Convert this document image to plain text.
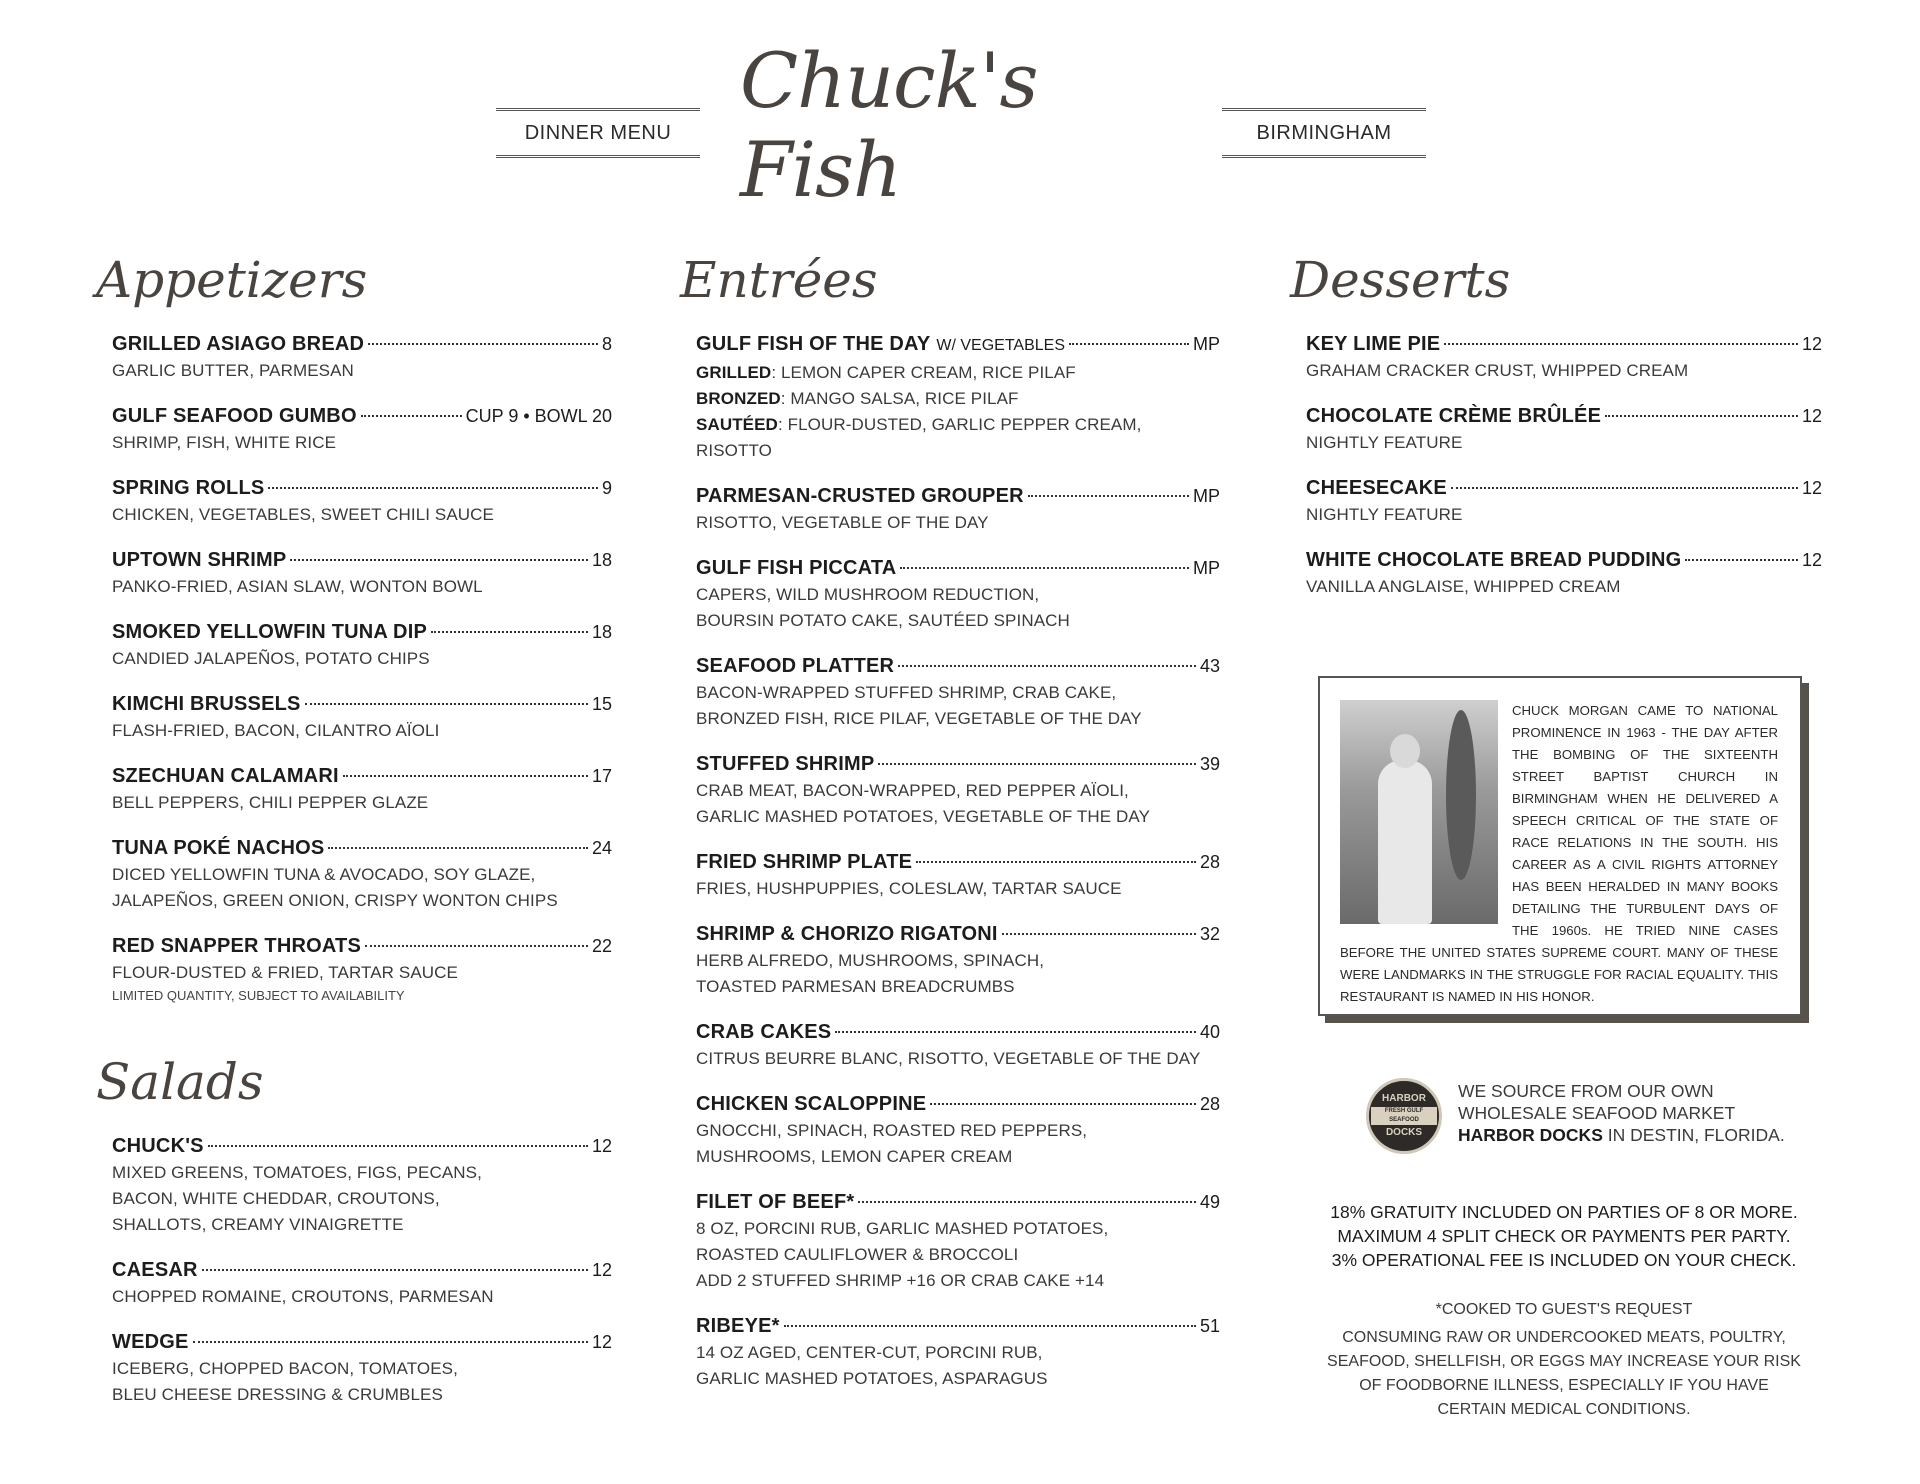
DINNER MENU
Chuck's Fish	BIRMINGHAM
Appetizers
GRILLED ASIAGO BREAD	8
GARLIC BUTTER, PARMESAN
GULF SEAFOOD GUMBO	CUP 9 • BOWL 20
SHRIMP, FISH, WHITE RICE
SPRING ROLLS	9
CHICKEN, VEGETABLES, SWEET CHILI SAUCE
UPTOWN SHRIMP	18
PANKO-FRIED, ASIAN SLAW, WONTON BOWL
SMOKED YELLOWFIN TUNA DIP	18
CANDIED JALAPEÑOS, POTATO CHIPS
KIMCHI BRUSSELS	15
FLASH-FRIED, BACON, CILANTRO AÏOLI
SZECHUAN CALAMARI	17
BELL PEPPERS, CHILI PEPPER GLAZE
TUNA POKÉ NACHOS	24
DICED YELLOWFIN TUNA & AVOCADO, SOY GLAZE,
JALAPEÑOS, GREEN ONION, CRISPY WONTON CHIPS
RED SNAPPER THROATS	22
FLOUR-DUSTED & FRIED, TARTAR SAUCE
LIMITED QUANTITY, SUBJECT TO AVAILABILITY
Salads
CHUCK'S	12
MIXED GREENS, TOMATOES, FIGS, PECANS,
BACON, WHITE CHEDDAR, CROUTONS,
SHALLOTS, CREAMY VINAIGRETTE
CAESAR	12
CHOPPED ROMAINE, CROUTONS, PARMESAN
WEDGE	12
ICEBERG, CHOPPED BACON, TOMATOES,
BLEU CHEESE DRESSING & CRUMBLES
Entrées
GULF FISH OF THE DAY W/ VEGETABLES	MP
GRILLED: LEMON CAPER CREAM, RICE PILAF
BRONZED: MANGO SALSA, RICE PILAF
SAUTÉED: FLOUR-DUSTED, GARLIC PEPPER CREAM, RISOTTO
PARMESAN-CRUSTED GROUPER	MP
RISOTTO, VEGETABLE OF THE DAY
GULF FISH PICCATA	MP
CAPERS, WILD MUSHROOM REDUCTION,
BOURSIN POTATO CAKE, SAUTÉED SPINACH
SEAFOOD PLATTER	43
BACON-WRAPPED STUFFED SHRIMP, CRAB CAKE,
BRONZED FISH, RICE PILAF, VEGETABLE OF THE DAY
STUFFED SHRIMP	39
CRAB MEAT, BACON-WRAPPED, RED PEPPER AÏOLI,
GARLIC MASHED POTATOES, VEGETABLE OF THE DAY
FRIED SHRIMP PLATE	28
FRIES, HUSHPUPPIES, COLESLAW, TARTAR SAUCE
SHRIMP & CHORIZO RIGATONI	32
HERB ALFREDO, MUSHROOMS, SPINACH,
TOASTED PARMESAN BREADCRUMBS
CRAB CAKES	40
CITRUS BEURRE BLANC, RISOTTO, VEGETABLE OF THE DAY
CHICKEN SCALOPPINE	28
GNOCCHI, SPINACH, ROASTED RED PEPPERS,
MUSHROOMS, LEMON CAPER CREAM
FILET OF BEEF*	49
8 OZ, PORCINI RUB, GARLIC MASHED POTATOES,
ROASTED CAULIFLOWER & BROCCOLI
ADD 2 STUFFED SHRIMP +16 OR CRAB CAKE +14
RIBEYE*	51
14 OZ AGED, CENTER-CUT, PORCINI RUB,
GARLIC MASHED POTATOES, ASPARAGUS
Desserts
KEY LIME PIE	12
GRAHAM CRACKER CRUST, WHIPPED CREAM
CHOCOLATE CRÈME BRÛLÉE	12
NIGHTLY FEATURE
CHEESECAKE	12
NIGHTLY FEATURE
WHITE CHOCOLATE BREAD PUDDING	12
VANILLA ANGLAISE, WHIPPED CREAM
CHUCK MORGAN CAME TO NATIONAL PROMINENCE IN 1963 - THE DAY AFTER THE BOMBING OF THE SIXTEENTH STREET BAPTIST CHURCH IN BIRMINGHAM WHEN HE DELIVERED A SPEECH CRITICAL OF THE STATE OF RACE RELATIONS IN THE SOUTH. HIS CAREER AS A CIVIL RIGHTS ATTORNEY HAS BEEN HERALDED IN MANY BOOKS DETAILING THE TURBULENT DAYS OF THE 1960s. HE TRIED NINE CASES BEFORE THE UNITED STATES SUPREME COURT. MANY OF THESE WERE LANDMARKS IN THE STRUGGLE FOR RACIAL EQUALITY. THIS RESTAURANT IS NAMED IN HIS HONOR.
HARBOR
FRESH GULF SEAFOOD
DOCKS
WE SOURCE FROM OUR OWN
WHOLESALE SEAFOOD MARKET
HARBOR DOCKS IN DESTIN, FLORIDA.
18% GRATUITY INCLUDED ON PARTIES OF 8 OR MORE.
MAXIMUM 4 SPLIT CHECK OR PAYMENTS PER PARTY.
3% OPERATIONAL FEE IS INCLUDED ON YOUR CHECK.
*COOKED TO GUEST'S REQUEST
CONSUMING RAW OR UNDERCOOKED MEATS, POULTRY,
SEAFOOD, SHELLFISH, OR EGGS MAY INCREASE YOUR RISK
OF FOODBORNE ILLNESS, ESPECIALLY IF YOU HAVE
CERTAIN MEDICAL CONDITIONS.
